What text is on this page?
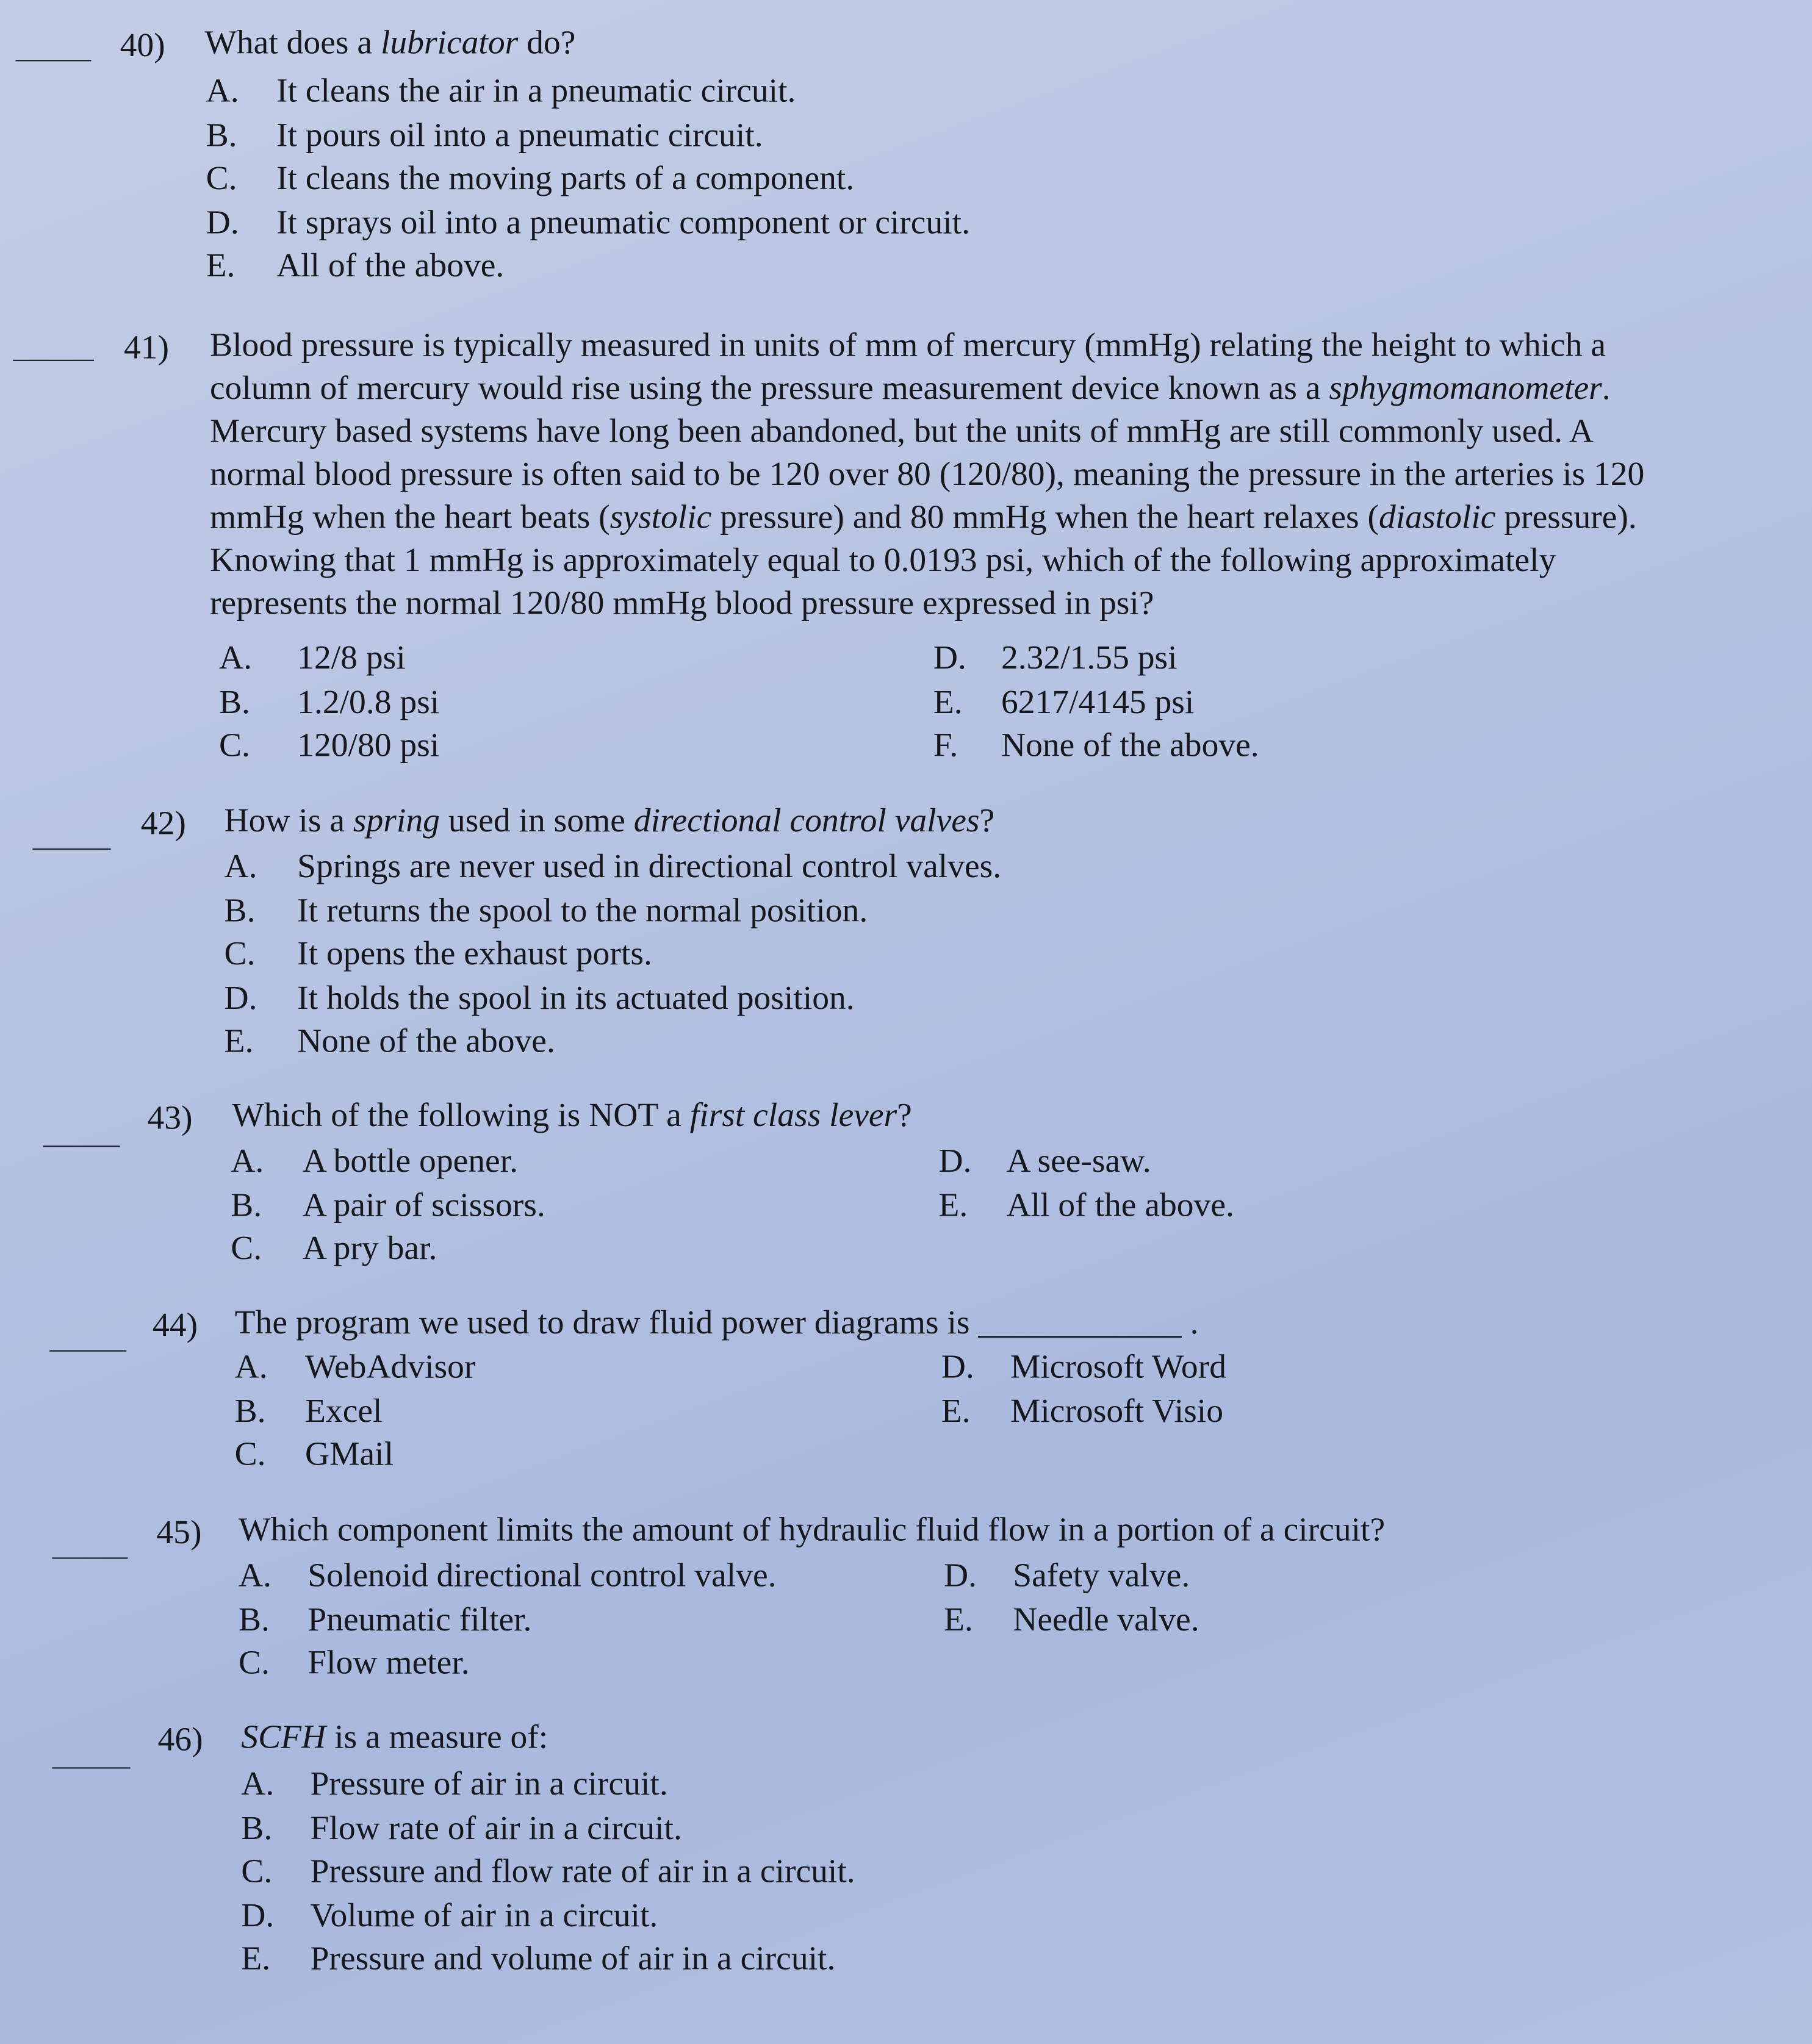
40) What does a lubricator do?
A. It cleans the air in a pneumatic circuit.
B. It pours oil into a pneumatic circuit.
C. It cleans the moving parts of a component.
D. It sprays oil into a pneumatic component or circuit.
E.	All of the above.
41)	Blood pressure is typically measured in units of mm of mercury (mmHg) relating the height to which a
column of mercury would rise using the pressure measurement device known as a sphygmomanometer.
Mercury based systems have long been abandoned, but the units of mmHg are still commonly used. A
normal blood pressure is often said to be 120 over 80 (120/80), meaning the pressure in the arteries is 120
mmHg when the heart beats (systolic pressure) and 80 mmHg when the heart relaxes (diastolic pressure).
Knowing that 1 mmHg is approximately equal to 0.0193 psi, which of the following approximately
represents the normal 120/80 mmHg blood pressure expressed in psi?
A.	12/8 psi
B.	1.2/0.8 psi
C.	120/80 psi
D. 2.32/1.55 psi
E. 6217/4145 psi
F.	None of the above.
42) How is a spring used in some directional control valves?
A.	Springs are never used in directional control valves.
B.	It returns the spool to the normal position.
C.	It opens the exhaust ports.
D.	It holds the spool in its actuated position.
E.	None of the above.
43) Which of the following is NOT a first class lever?
A. A bottle opener.
B.	A pair of scissors.
C.	A pry bar.
D. A see-saw.
E. All of the above.
44) The program we used to draw fluid power diagrams is ____________ .
A. WebAdvisor
B. Excel
C. GMail
D. Microsoft Word
E.	Microsoft Visio
45) Which component limits the amount of hydraulic fluid flow in a portion of a circuit?
A. Solenoid directional control valve.
B. Pneumatic filter.
C. Flow meter.
D. Safety valve.
E.	Needle valve.
46) SCFH is a measure of:
A. Pressure of air in a circuit.
B. Flow rate of air in a circuit.
C. Pressure and flow rate of air in a circuit.
D. Volume of air in a circuit.
E.	Pressure and volume of air in a circuit.
